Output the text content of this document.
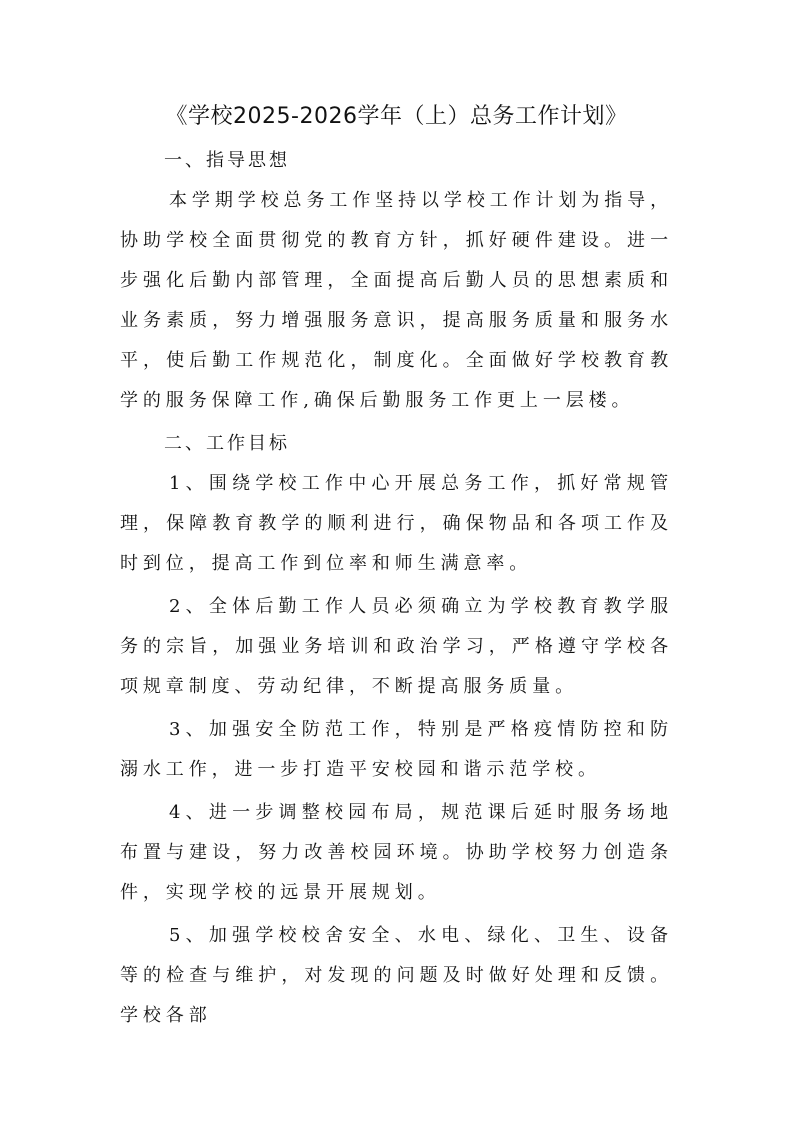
《学校2025-2026学年（上）总务工作计划》
一、指导思想

本学期学校总务工作坚持以学校工作计划为指导，协助学校全面贯彻党的教育方针，抓好硬件建设。进一步强化后勤内部管理，全面提高后勤人员的思想素质和业务素质，努力增强服务意识，提高服务质量和服务水平，使后勤工作规范化，制度化。全面做好学校教育教学的服务保障工作,确保后勤服务工作更上一层楼。

二、工作目标

1、围绕学校工作中心开展总务工作，抓好常规管理，保障教育教学的顺利进行，确保物品和各项工作及时到位，提高工作到位率和师生满意率。

2、全体后勤工作人员必须确立为学校教育教学服务的宗旨，加强业务培训和政治学习，严格遵守学校各项规章制度、劳动纪律，不断提高服务质量。

3、加强安全防范工作，特别是严格疫情防控和防溺水工作，进一步打造平安校园和谐示范学校。

4、进一步调整校园布局，规范课后延时服务场地布置与建设，努力改善校园环境。协助学校努力创造条件，实现学校的远景开展规划。

5、加强学校校舍安全、水电、绿化、卫生、设备等的检查与维护，对发现的问题及时做好处理和反馈。学校各部
